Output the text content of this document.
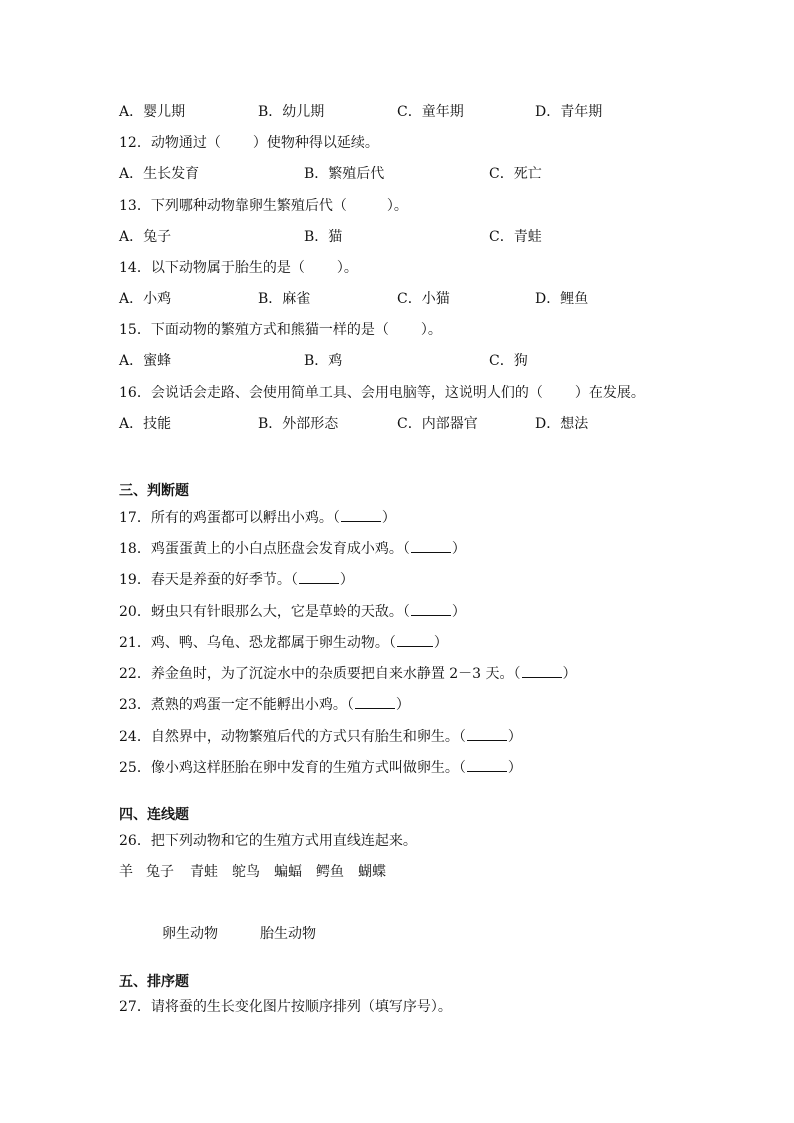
A．婴儿期	B．幼儿期	C．童年期	D．青年期
12．动物通过（ ）使物种得以延续。
A．生长发育	B．繁殖后代	C．死亡
13．下列哪种动物靠卵生繁殖后代（	）。
A．兔子	B．猫	C．青蛙
14．以下动物属于胎生的是（ ）。
A．小鸡	B．麻雀	C．小猫	D．鲤鱼
15．下面动物的繁殖方式和熊猫一样的是（ ）。
A．蜜蜂	B．鸡	C．狗
16．会说话会走路、会使用简单工具、会用电脑等，这说明人们的（ ）在发展。
A．技能	B．外部形态	C．内部器官	D．想法
三、判断题
17．所有的鸡蛋都可以孵出小鸡。（	）
18．鸡蛋蛋黄上的小白点胚盘会发育成小鸡。（	）
19．春天是养蚕的好季节。（	）
20．蚜虫只有针眼那么大，它是草蛉的天敌。（	）
21．鸡、鸭、乌龟、恐龙都属于卵生动物。（	）
22．养金鱼时，为了沉淀水中的杂质要把自来水静置 2－3 天。（	）
23．煮熟的鸡蛋一定不能孵出小鸡。（	）
24．自然界中，动物繁殖后代的方式只有胎生和卵生。（	）
25．像小鸡这样胚胎在卵中发育的生殖方式叫做卵生。（	）
四、连线题
26．把下列动物和它的生殖方式用直线连起来。
羊 兔子 青蛙 鸵鸟 蝙蝠 鳄鱼 蝴蝶
卵生动物	胎生动物
五、排序题
27．请将蚕的生长变化图片按顺序排列（填写序号）。
